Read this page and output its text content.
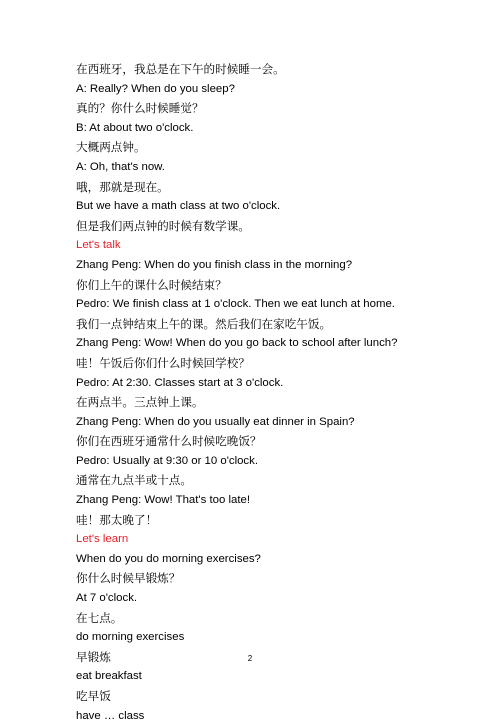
在西班牙，我总是在下午的时候睡一会。
A: Really? When do you sleep?
真的？你什么时候睡觉？
B: At about two o'clock.
大概两点钟。
A: Oh, that's now.
哦，那就是现在。
But we have a math class at two o'clock.
但是我们两点钟的时候有数学课。
Let's talk
Zhang Peng: When do you finish class in the morning?
你们上午的课什么时候结束？
Pedro: We finish class at 1 o'clock. Then we eat lunch at home.
我们一点钟结束上午的课。然后我们在家吃午饭。
Zhang Peng: Wow! When do you go back to school after lunch?
哇！午饭后你们什么时候回学校？
Pedro: At 2:30. Classes start at 3 o'clock.
在两点半。三点钟上课。
Zhang Peng: When do you usually eat dinner in Spain?
你们在西班牙通常什么时候吃晚饭？
Pedro: Usually at 9:30 or 10 o'clock.
通常在九点半或十点。
Zhang Peng: Wow! That's too late!
哇！那太晚了！
Let's learn
When do you do morning exercises?
你什么时候早锻炼？
At 7 o'clock.
在七点。
do morning exercises
早锻炼
eat breakfast
吃早饭
have … class
2
